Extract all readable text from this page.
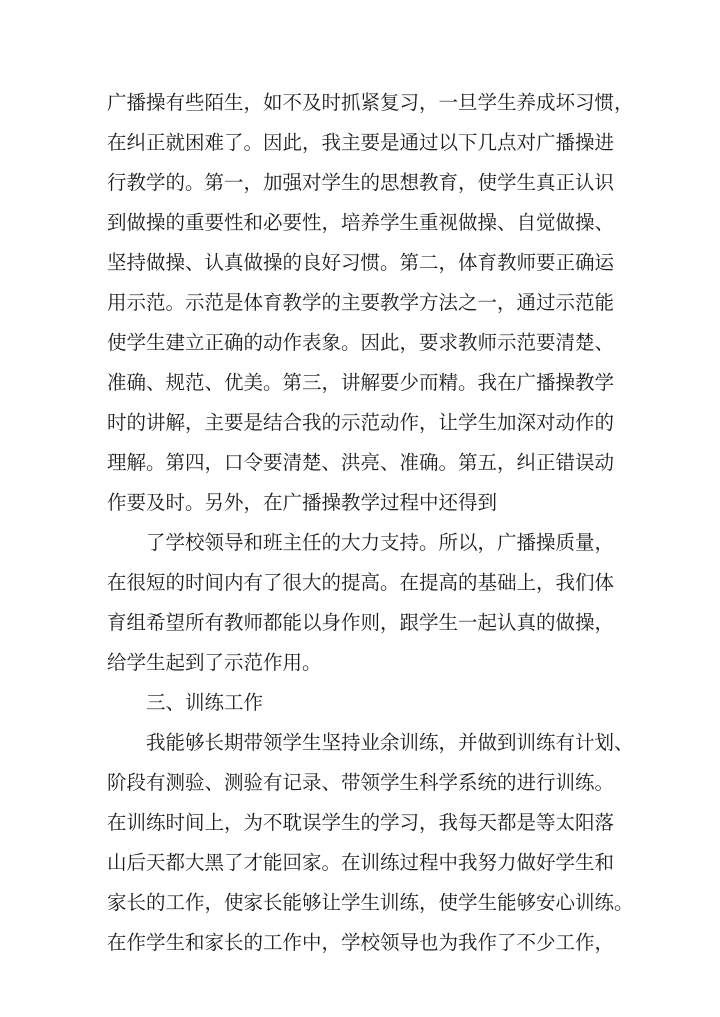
广播操有些陌生，如不及时抓紧复习，一旦学生养成坏习惯，
在纠正就困难了。因此，我主要是通过以下几点对广播操进
行教学的。第一，加强对学生的思想教育，使学生真正认识
到做操的重要性和必要性，培养学生重视做操、自觉做操、
坚持做操、认真做操的良好习惯。第二，体育教师要正确运
用示范。示范是体育教学的主要教学方法之一，通过示范能
使学生建立正确的动作表象。因此，要求教师示范要清楚、
准确、规范、优美。第三，讲解要少而精。我在广播操教学
时的讲解，主要是结合我的示范动作，让学生加深对动作的
理解。第四，口令要清楚、洪亮、准确。第五，纠正错误动
作要及时。另外，在广播操教学过程中还得到
了学校领导和班主任的大力支持。所以，广播操质量，
在很短的时间内有了很大的提高。在提高的基础上，我们体
育组希望所有教师都能以身作则，跟学生一起认真的做操，
给学生起到了示范作用。
三、训练工作
我能够长期带领学生坚持业余训练，并做到训练有计划、
阶段有测验、测验有记录、带领学生科学系统的进行训练。
在训练时间上，为不耽误学生的学习，我每天都是等太阳落
山后天都大黑了才能回家。在训练过程中我努力做好学生和
家长的工作，使家长能够让学生训练，使学生能够安心训练。
在作学生和家长的工作中，学校领导也为我作了不少工作，
